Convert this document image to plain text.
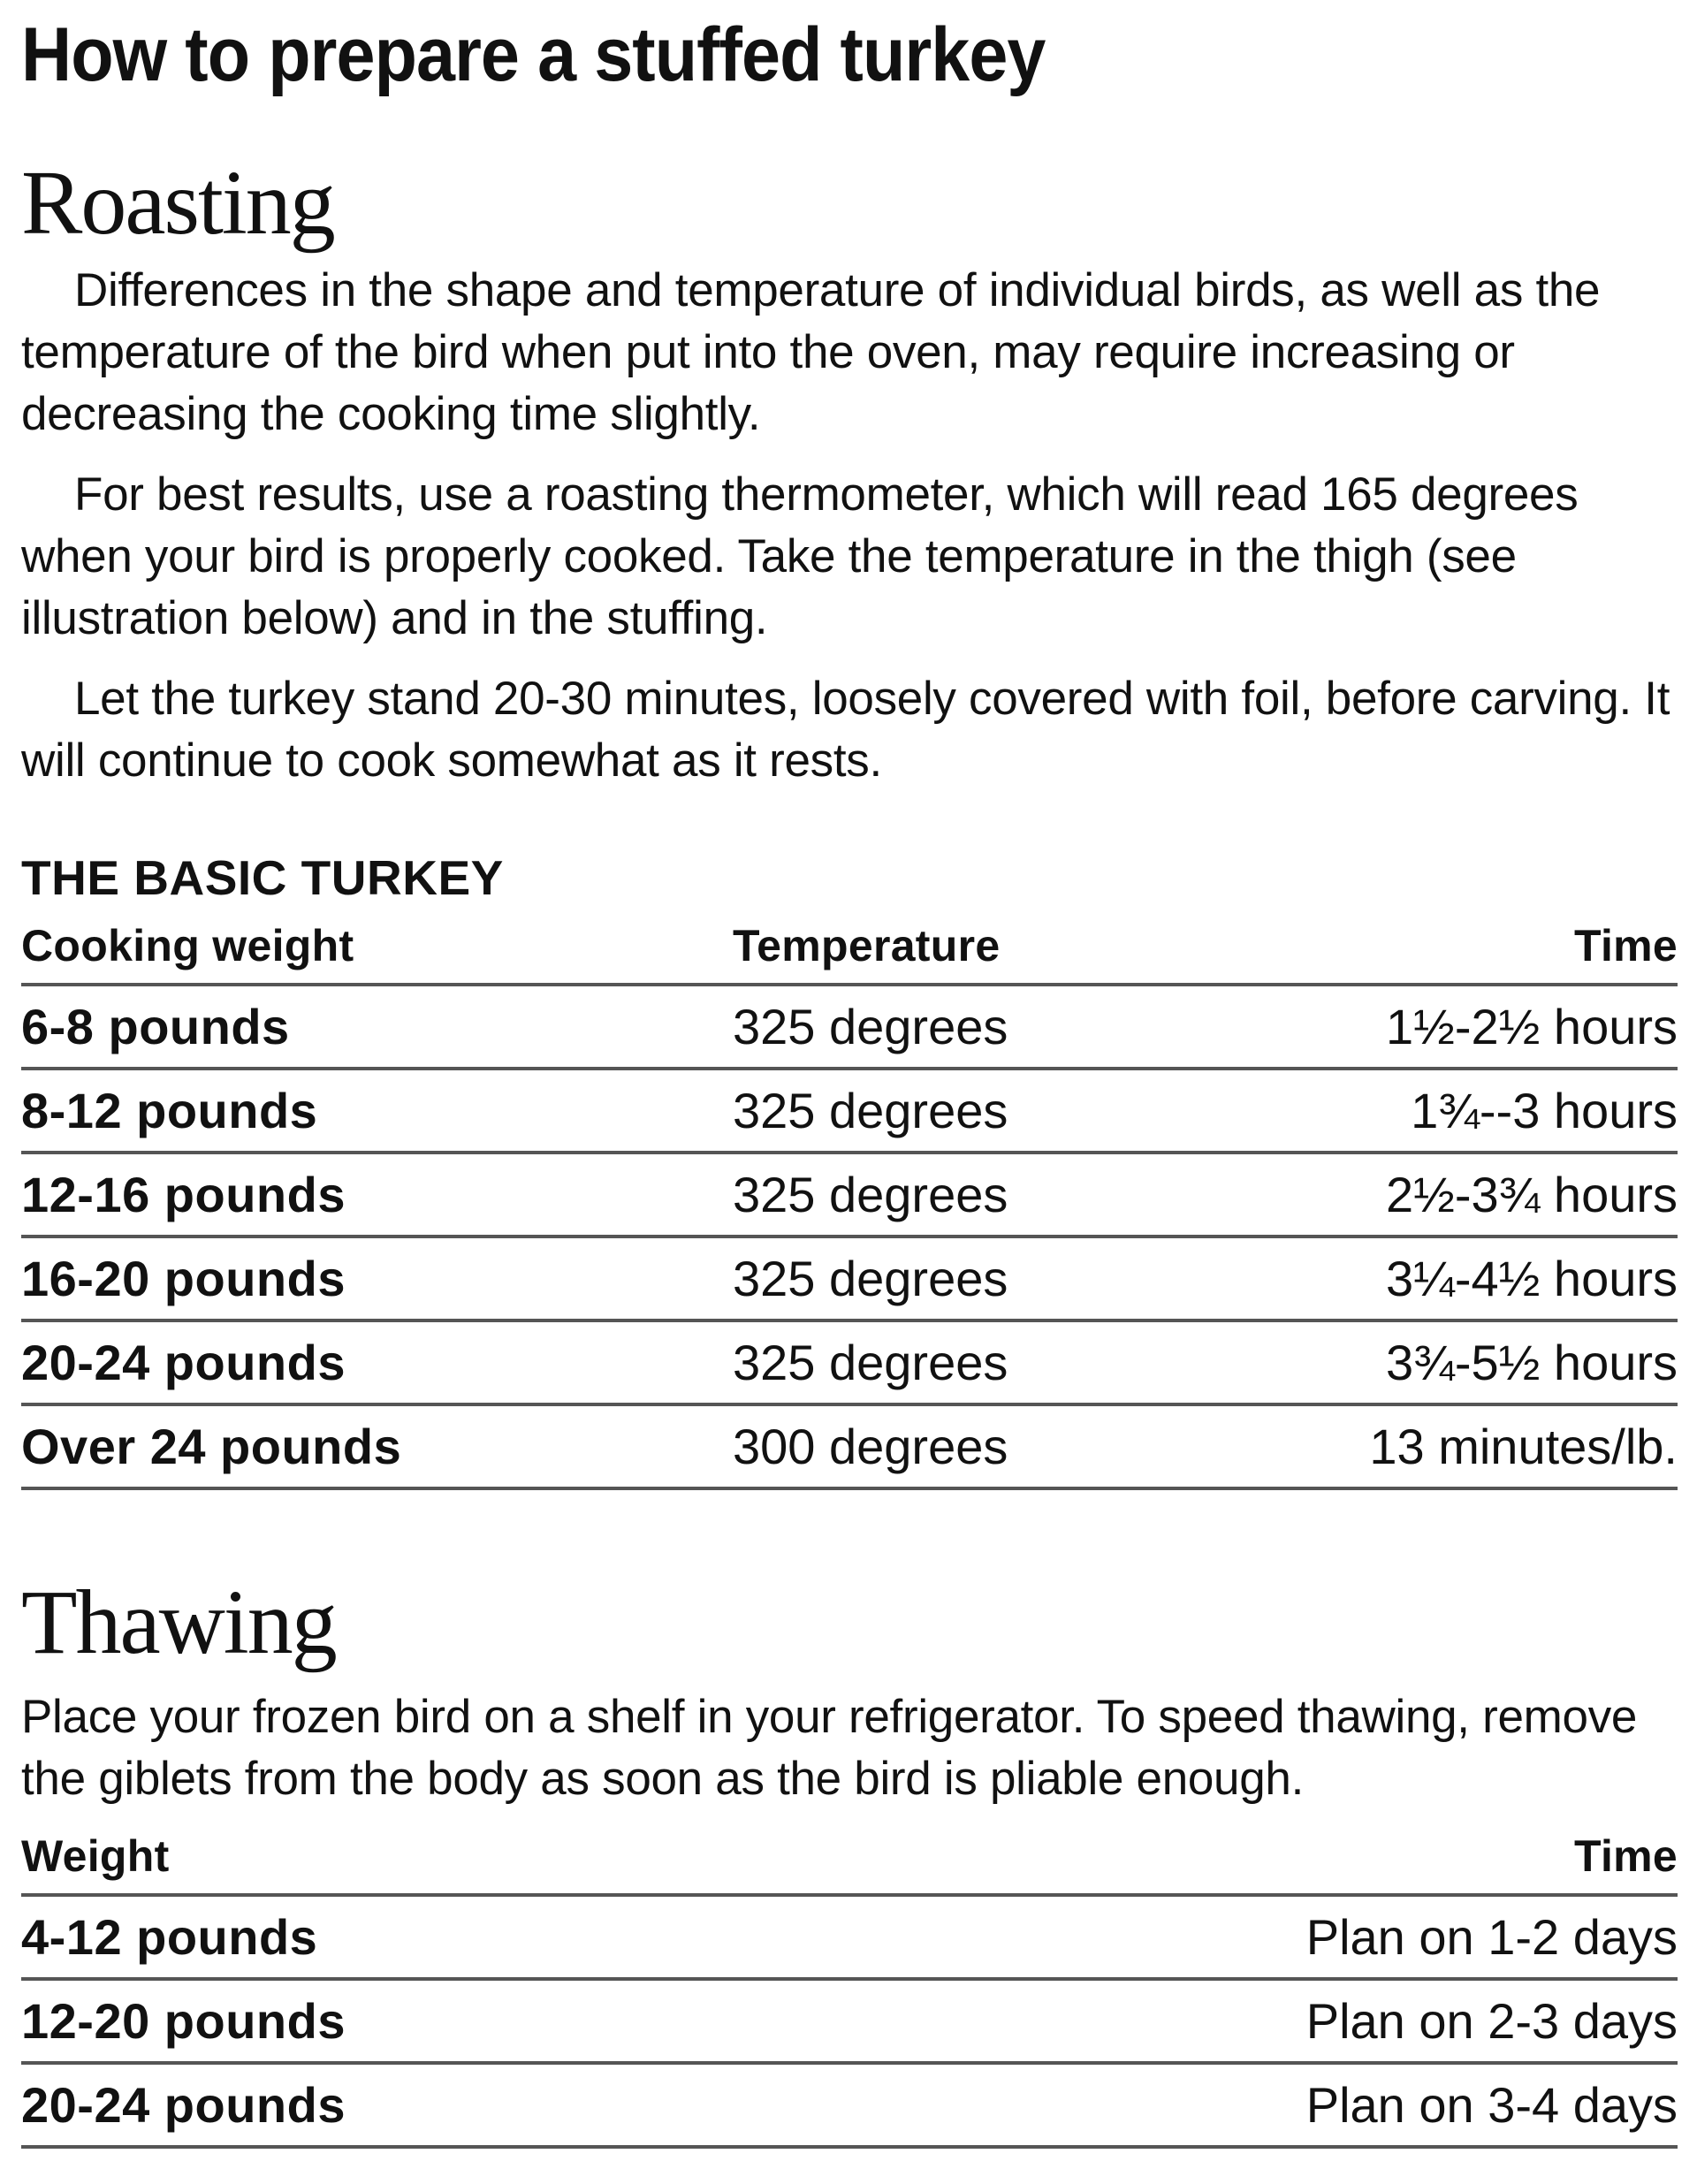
How to prepare a stuffed turkey
Roasting

Differences in the shape and temperature of individual birds, as well as the temperature of the bird when put into the oven, may require increasing or decreasing the cooking time slightly.

For best results, use a roasting thermometer, which will read 165 degrees when your bird is properly cooked. Take the temperature in the thigh (see illustration below) and in the stuffing.

Let the turkey stand 20-30 minutes, loosely covered with foil, before carving. It will continue to cook somewhat as it rests.

THE BASIC TURKEY
Cooking weight	Temperature	Time
6-8 pounds	325 degrees	1½-2½ hours
8-12 pounds	325 degrees	1¾--3 hours
12-16 pounds	325 degrees	2½-3¾ hours
16-20 pounds	325 degrees	3¼-4½ hours
20-24 pounds	325 degrees	3¾-5½ hours
Over 24 pounds	300 degrees	13 minutes/lb.
Thawing

Place your frozen bird on a shelf in your refrigerator. To speed thawing, remove the giblets from the body as soon as the bird is pliable enough.

Weight	Time
4-12 pounds	Plan on 1-2 days
12-20 pounds	Plan on 2-3 days
20-24 pounds	Plan on 3-4 days
